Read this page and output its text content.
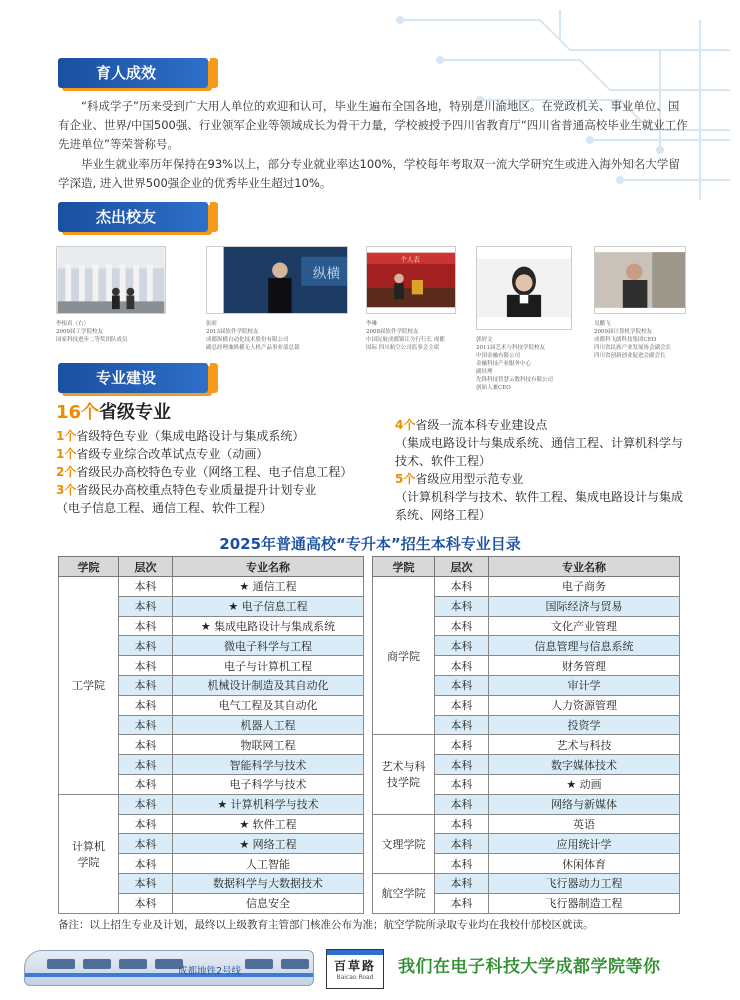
育人成效

“科成学子”历来受到广大用人单位的欢迎和认可，毕业生遍布全国各地，特别是川渝地区。在党政机关、事业单位、国有企业、世界/中国500强、行业领军企业等领域成长为骨干力量，学校被授予四川省教育厅“四川省普通高校毕业生就业工作先进单位”等荣誉称号。

毕业生就业率历年保持在93%以上，部分专业就业率达100%，学校每年考取双一流大学研究生或进入海外知名大学留学深造, 进入世界500强企业的优秀毕业生超过10%。

杰出校友
李根真（右）
2009届工学院校友
国家科技进步二等奖团队成员
纵横
张暄
2013届软件学院校友
成都纵横自动化技术股份有限公司
副总经理兼纵横无人机产品事业部总裁
个人表
李琳
2008届软件学院校友
中国民航成都锦江分行行长 成都
国际 四川航空公司监事会主席
郭婷文
2011届艺术与科技学院校友
中国金融有限公司
金融科技产业服务中心
副经理
先锋科技智慧云数科技有限公司
创始人兼CEO
吴鹏飞
2009届计算机学院校友
成都科飞朗科技集团CEO
四川省民族产业发展协会副会长
四川省创新创业促进会副会长
专业建设
16个省级专业
1个省级特色专业（集成电路设计与集成系统）
1个省级专业综合改革试点专业（动画）
2个省级民办高校特色专业（网络工程、电子信息工程）
3个省级民办高校重点特色专业质量提升计划专业
（电子信息工程、通信工程、软件工程）
4个省级一流本科专业建设点
（集成电路设计与集成系统、通信工程、计算机科学与技术、软件工程）
5个省级应用型示范专业
（计算机科学与技术、软件工程、集成电路设计与集成系统、网络工程）
2025年普通高校“专升本”招生本科专业目录
学院	层次	专业名称
工学院	本科	★ 通信工程
	本科	★ 电子信息工程
	本科	★ 集成电路设计与集成系统
	本科	微电子科学与工程
	本科	电子与计算机工程
	本科	机械设计制造及其自动化
	本科	电气工程及其自动化
	本科	机器人工程
	本科	物联网工程
	本科	智能科学与技术
	本科	电子科学与技术
计算机
学院	本科	★ 计算机科学与技术
	本科	★ 软件工程
	本科	★ 网络工程
	本科	人工智能
	本科	数据科学与大数据技术
	本科	信息安全
学院	层次	专业名称
商学院	本科	电子商务
	本科	国际经济与贸易
	本科	文化产业管理
	本科	信息管理与信息系统
	本科	财务管理
	本科	审计学
	本科	人力资源管理
	本科	投资学
艺术与科
技学院	本科	艺术与科技
	本科	数字媒体技术
	本科	★ 动画
	本科	网络与新媒体
文理学院	本科	英语
	本科	应用统计学
	本科	休闲体育
航空学院	本科	飞行器动力工程
	本科	飞行器制造工程
备注：以上招生专业及计划，最终以上级教育主管部门核准公布为准；航空学院所录取专业均在我校什邡校区就读。
成都地铁2号线	百草路
Baicao Road
我们在电子科技大学成都学院等你
